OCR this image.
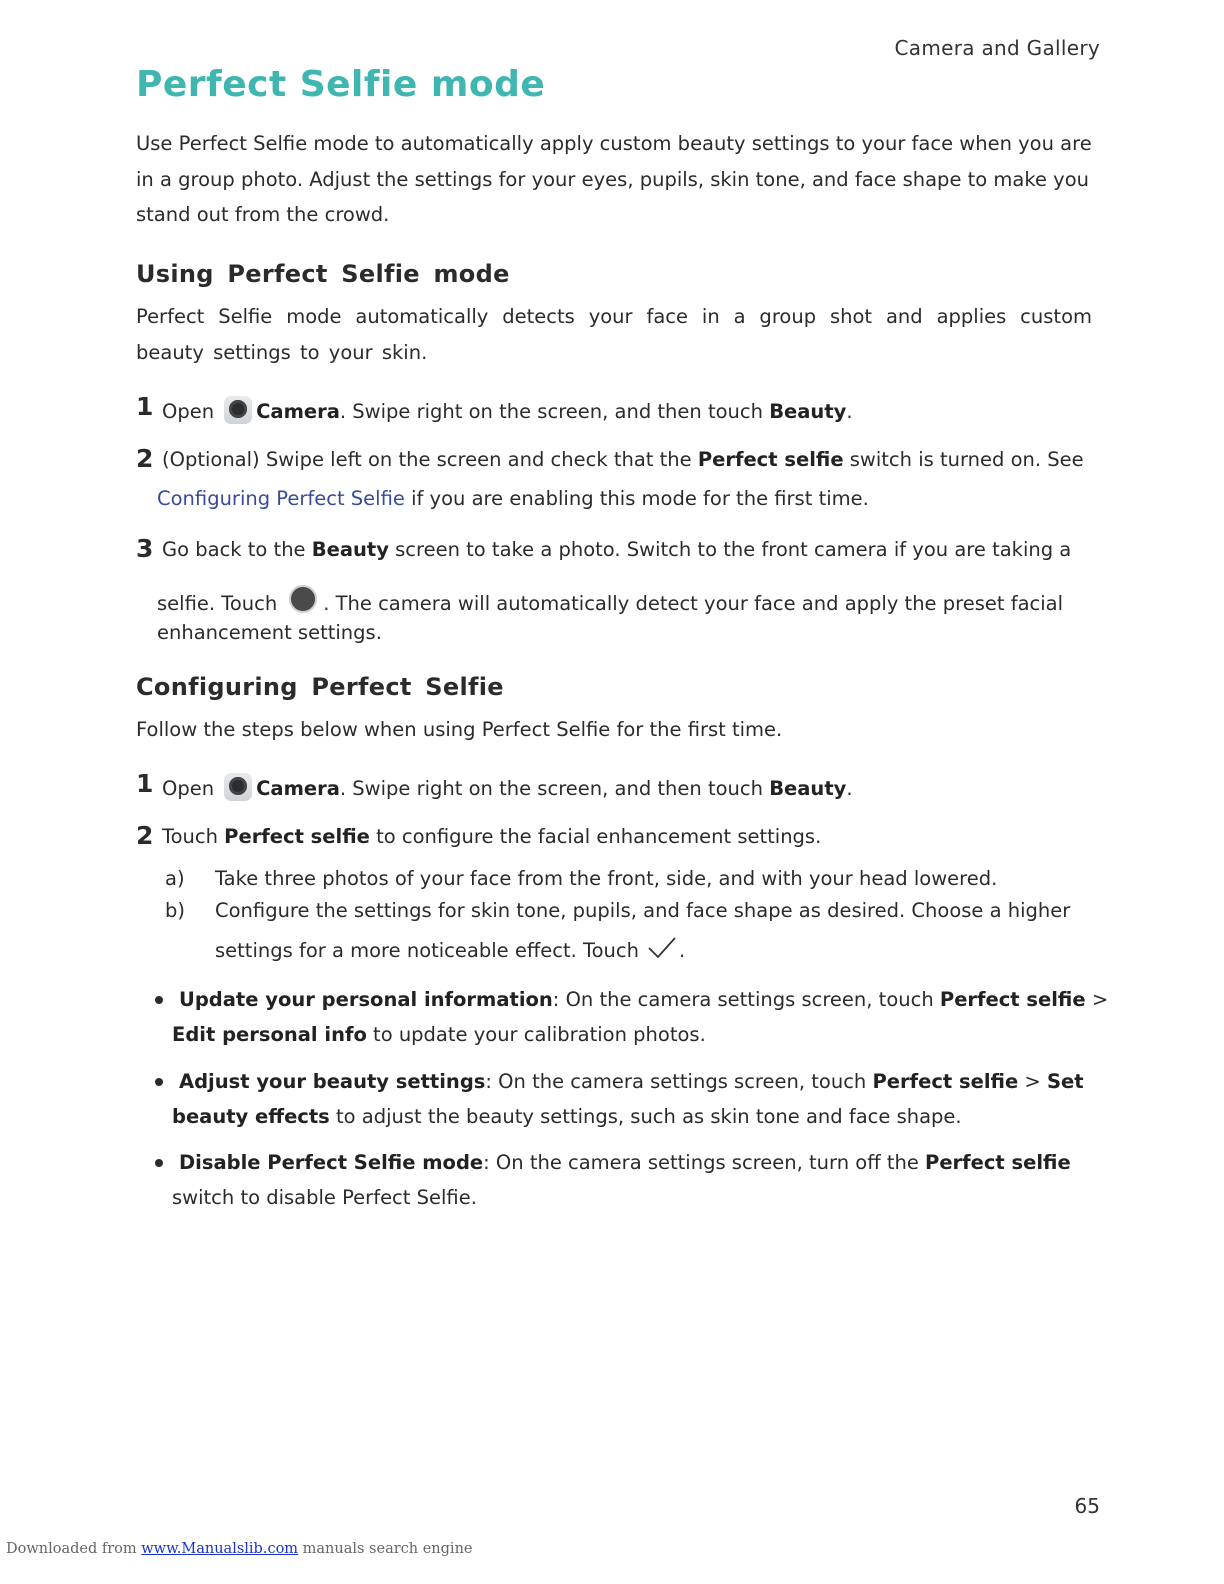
Camera and Gallery
Perfect Selfie mode

Use Perfect Selfie mode to automatically apply custom beauty settings to your face when you are in a group photo. Adjust the settings for your eyes, pupils, skin tone, and face shape to make you stand out from the crowd.

Using Perfect Selfie mode

Perfect Selfie mode automatically detects your face in a group shot and applies custom beauty settings to your skin.

1 Open Camera. Swipe right on the screen, and then touch Beauty.
2 (Optional) Swipe left on the screen and check that the Perfect selfie switch is turned on. See
Configuring Perfect Selfie if you are enabling this mode for the first time.
3 Go back to the Beauty screen to take a photo. Switch to the front camera if you are taking a
selfie. Touch . The camera will automatically detect your face and apply the preset facial
enhancement settings.
Configuring Perfect Selfie

Follow the steps below when using Perfect Selfie for the first time.

1 Open Camera. Swipe right on the screen, and then touch Beauty.
2 Touch Perfect selfie to configure the facial enhancement settings.
a) Take three photos of your face from the front, side, and with your head lowered.
b) Configure the settings for skin tone, pupils, and face shape as desired. Choose a higher
settings for a more noticeable effect. Touch .
Update your personal information: On the camera settings screen, touch Perfect selfie >
Edit personal info to update your calibration photos.
Adjust your beauty settings: On the camera settings screen, touch Perfect selfie > Set
beauty effects to adjust the beauty settings, such as skin tone and face shape.
Disable Perfect Selfie mode: On the camera settings screen, turn off the Perfect selfie
switch to disable Perfect Selfie.
65
Downloaded from www.Manualslib.com manuals search engine
